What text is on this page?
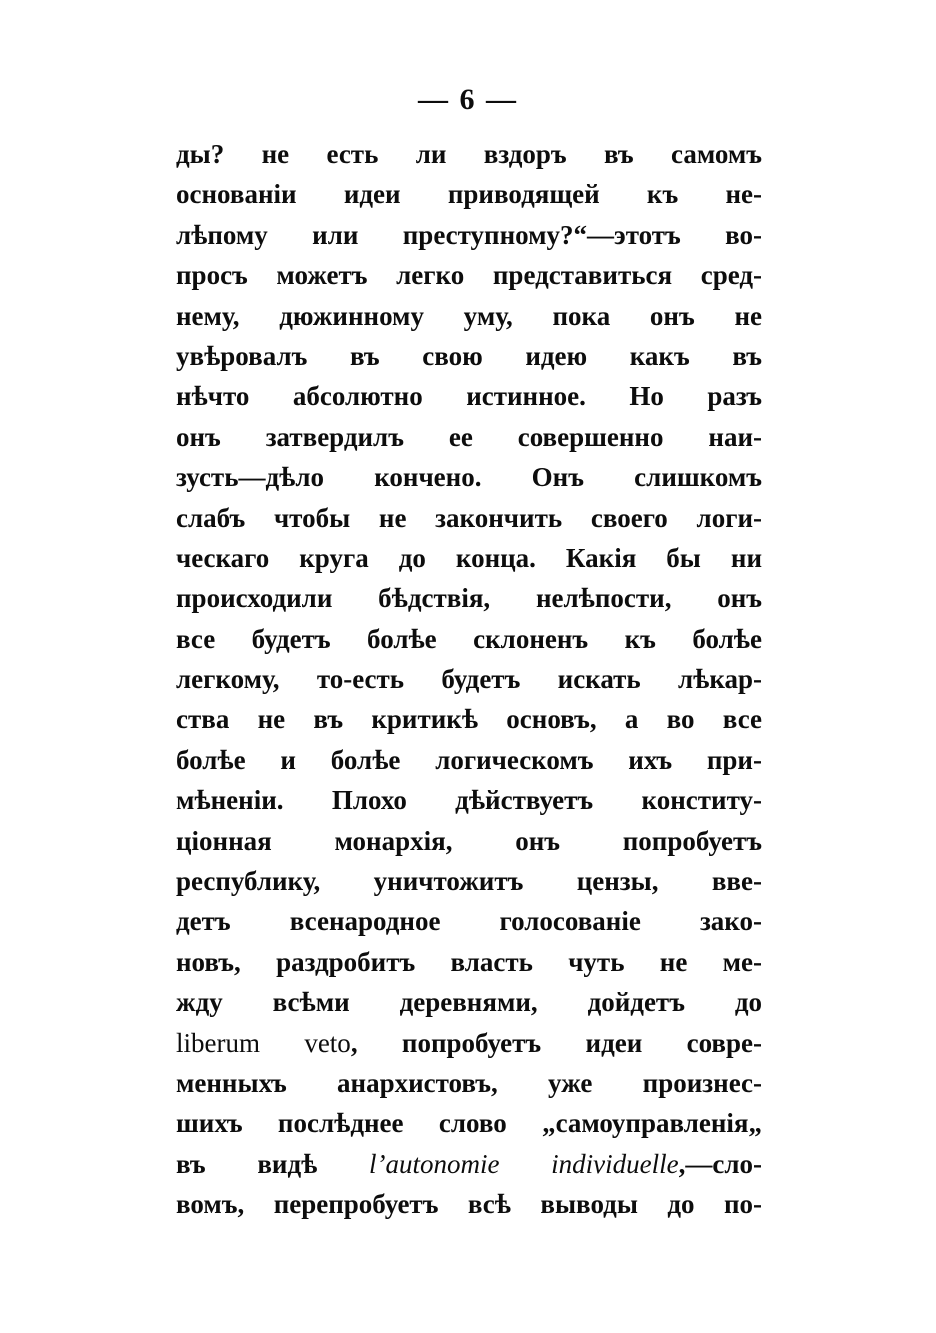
— 6 —
ды? не есть ли вздоръ въ самомъ
основанiи идеи приводящей къ не-
лѣпому или преступному?“—этотъ во-
просъ можетъ легко представиться сред-
нему, дюжинному уму, пока онъ не
увѣровалъ въ свою идею какъ въ
нѣчто абсолютно истинное. Но разъ
онъ затвердилъ ее совершенно наи-
зусть—дѣло кончено. Онъ слишкомъ
слабъ чтобы не закончить своего логи-
ческаго круга до конца. Какiя бы ни
происходили бѣдствiя, нелѣпости, онъ
все будетъ болѣе склоненъ къ болѣе
легкому, то-есть будетъ искать лѣкар-
ства не въ критикѣ основъ, а во все
болѣе и болѣе логическомъ ихъ при-
мѣненiи. Плохо дѣйствуетъ конститу-
цiонная монархiя, онъ попробуетъ
республику, уничтожитъ цензы, вве-
детъ всенародное голосованiе зако-
новъ, раздробитъ власть чуть не ме-
жду всѣми деревнями, дойдетъ до
liberum veto, попробуетъ идеи совре-
менныхъ анархистовъ, уже произнес-
шихъ послѣднее слово „самоуправленiя„
въ видѣ l’autonomie individuelle,—сло-
вомъ, перепробуетъ всѣ выводы до по-
